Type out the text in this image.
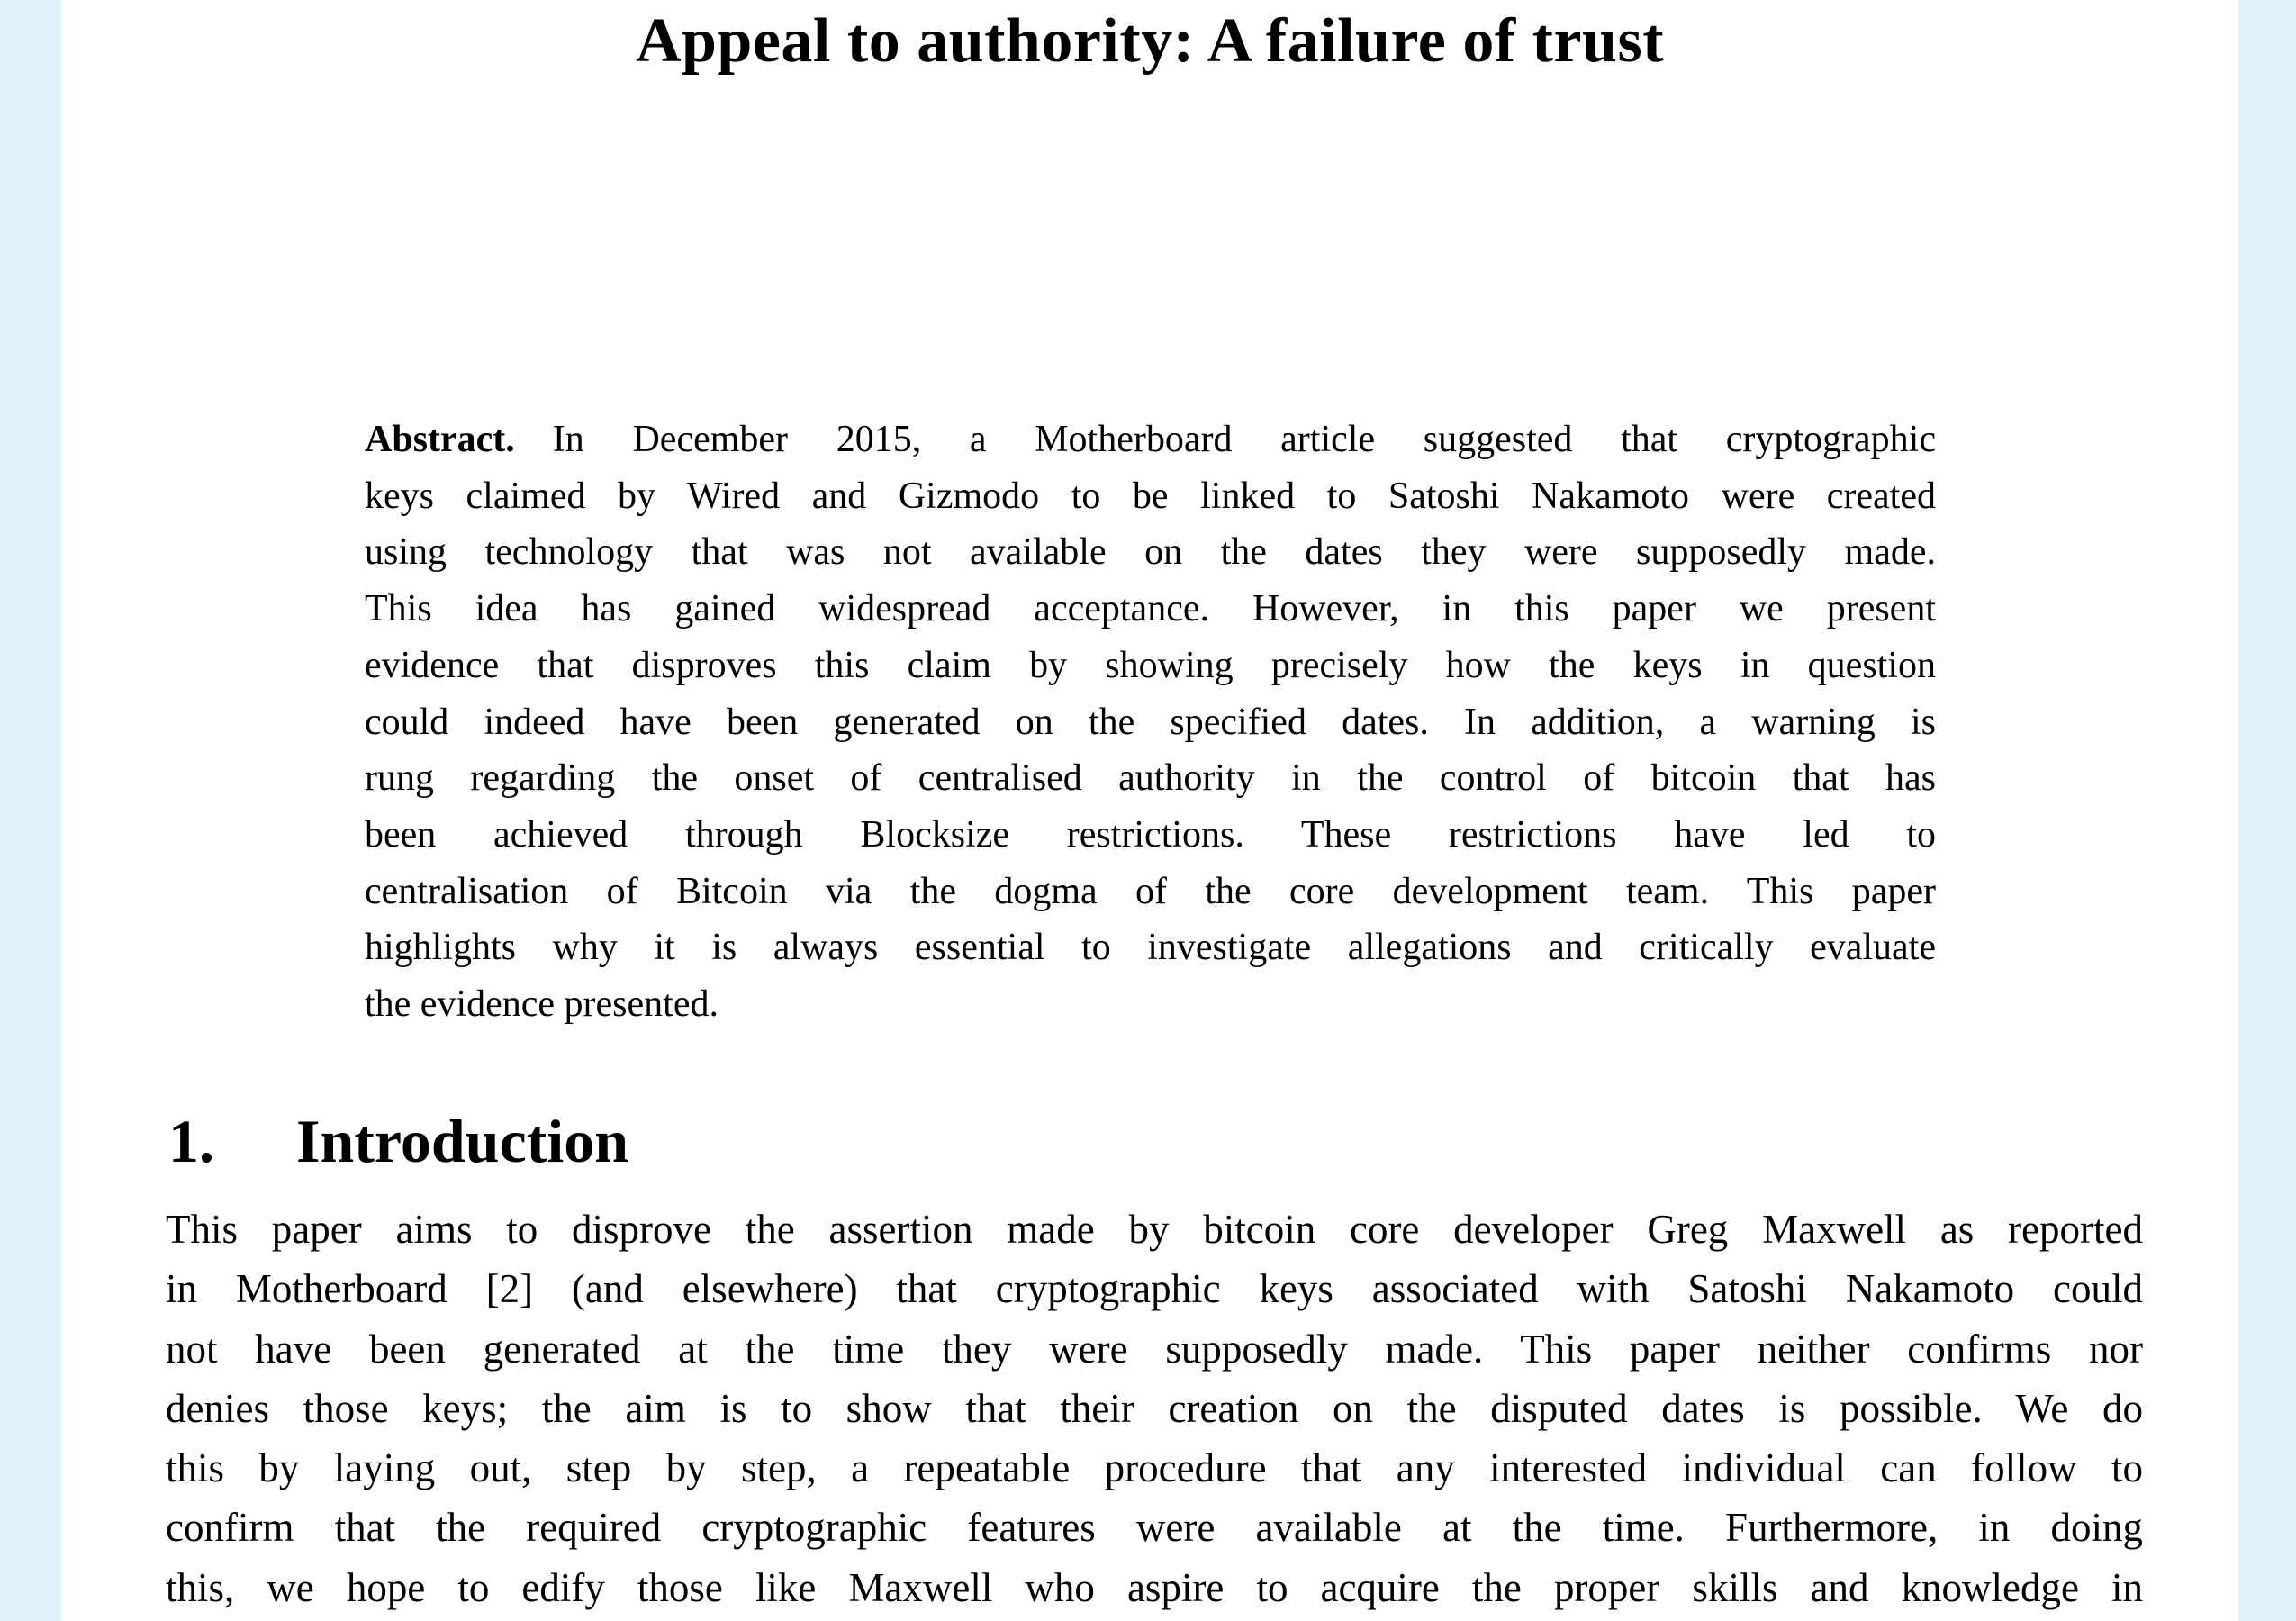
Appeal to authority: A failure of trust
Abstract. In December 2015, a Motherboard article suggested that cryptographic
keys claimed by Wired and Gizmodo to be linked to Satoshi Nakamoto were created
using technology that was not available on the dates they were supposedly made.
This idea has gained widespread acceptance. However, in this paper we present
evidence that disproves this claim by showing precisely how the keys in question
could indeed have been generated on the specified dates. In addition, a warning is
rung regarding the onset of centralised authority in the control of bitcoin that has
been achieved through Blocksize restrictions. These restrictions have led to
centralisation of Bitcoin via the dogma of the core development team. This paper
highlights why it is always essential to investigate allegations and critically evaluate
the evidence presented.
1. Introduction
This paper aims to disprove the assertion made by bitcoin core developer Greg Maxwell as reported
in Motherboard [2] (and elsewhere) that cryptographic keys associated with Satoshi Nakamoto could
not have been generated at the time they were supposedly made. This paper neither confirms nor
denies those keys; the aim is to show that their creation on the disputed dates is possible. We do
this by laying out, step by step, a repeatable procedure that any interested individual can follow to
confirm that the required cryptographic features were available at the time. Furthermore, in doing
this, we hope to edify those like Maxwell who aspire to acquire the proper skills and knowledge in
